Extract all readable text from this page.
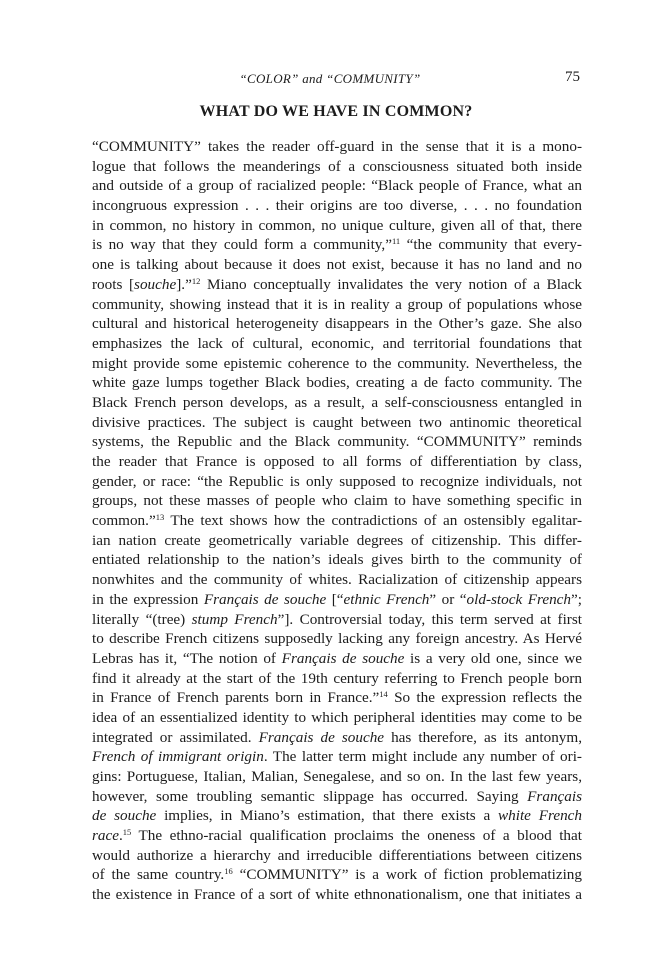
“COLOR” and “COMMUNITY”	75
WHAT DO WE HAVE IN COMMON?
“COMMUNITY” takes the reader off-guard in the sense that it is a mono-
logue that follows the meanderings of a consciousness situated both inside
and outside of a group of racialized people: “Black people of France, what an
incongruous expression . . . their origins are too diverse, . . . no foundation
in common, no history in common, no unique culture, given all of that, there
is no way that they could form a community,”$^{11}$ “the community that every-
one is talking about because it does not exist, because it has no land and no
roots [souche].”$^{12}$ Miano conceptually invalidates the very notion of a Black
community, showing instead that it is in reality a group of populations whose
cultural and historical heterogeneity disappears in the Other’s gaze. She also
emphasizes the lack of cultural, economic, and territorial foundations that
might provide some epistemic coherence to the community. Nevertheless, the
white gaze lumps together Black bodies, creating a de facto community. The
Black French person develops, as a result, a self-consciousness entangled in
divisive practices. The subject is caught between two antinomic theoretical
systems, the Republic and the Black community. “COMMUNITY” reminds
the reader that France is opposed to all forms of differentiation by class,
gender, or race: “the Republic is only supposed to recognize individuals, not
groups, not these masses of people who claim to have something specific in
common.”$^{13}$ The text shows how the contradictions of an ostensibly egalitar-
ian nation create geometrically variable degrees of citizenship. This differ-
entiated relationship to the nation’s ideals gives birth to the community of
nonwhites and the community of whites. Racialization of citizenship appears
in the expression Français de souche [“ethnic French” or “old-stock French”;
literally “(tree) stump French”]. Controversial today, this term served at first
to describe French citizens supposedly lacking any foreign ancestry. As Hervé
Lebras has it, “The notion of Français de souche is a very old one, since we
find it already at the start of the 19th century referring to French people born
in France of French parents born in France.”$^{14}$ So the expression reflects the
idea of an essentialized identity to which peripheral identities may come to be
integrated or assimilated. Français de souche has therefore, as its antonym,
French of immigrant origin. The latter term might include any number of ori-
gins: Portuguese, Italian, Malian, Senegalese, and so on. In the last few years,
however, some troubling semantic slippage has occurred. Saying Français
de souche implies, in Miano’s estimation, that there exists a white French
race.$^{15}$ The ethno-racial qualification proclaims the oneness of a blood that
would authorize a hierarchy and irreducible differentiations between citizens
of the same country.$^{16}$ “COMMUNITY” is a work of fiction problematizing
the existence in France of a sort of white ethnonationalism, one that initiates a
